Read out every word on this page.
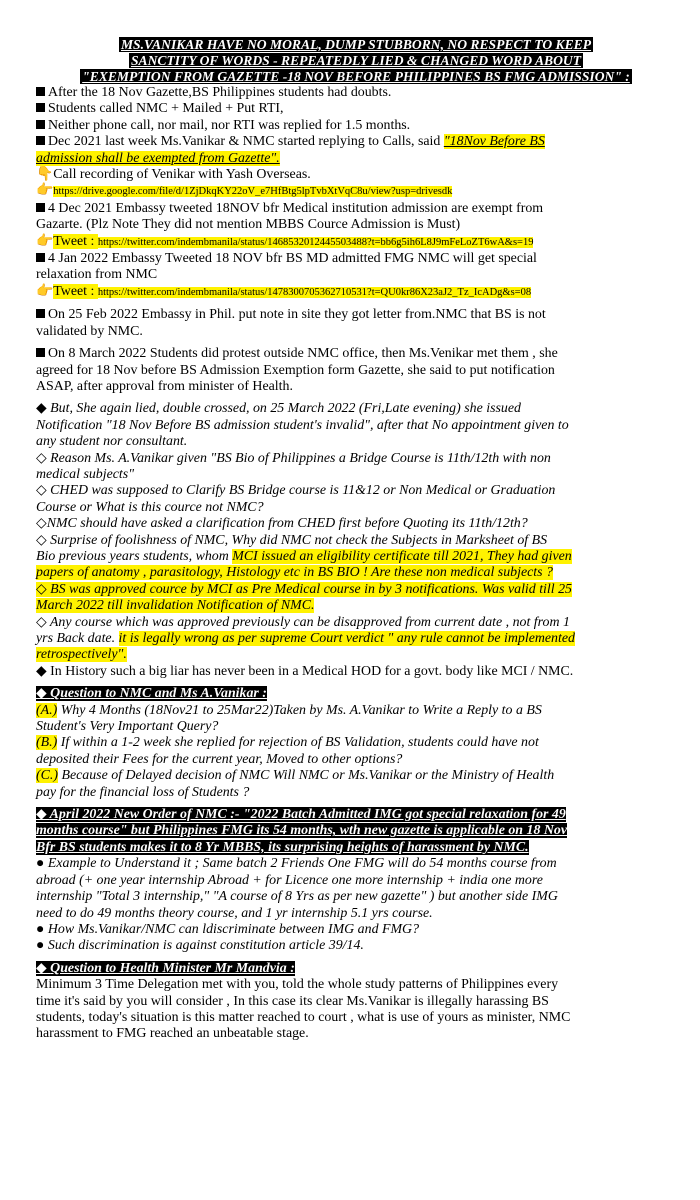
MS.VANIKAR HAVE NO MORAL, DUMP STUBBORN, NO RESPECT TO KEEP
SANCTITY OF WORDS - REPEATEDLY LIED & CHANGED WORD ABOUT
"EXEMPTION FROM GAZETTE -18 NOV BEFORE PHILIPPINES BS FMG ADMISSION" :

After the 18 Nov Gazette,BS Philippines students had doubts.

Students called NMC + Mailed + Put RTI,

Neither phone call, nor mail, nor RTI was replied for 1.5 months.

Dec 2021 last week Ms.Vanikar & NMC started replying to Calls, said "18Nov Before BS

admission shall be exempted from Gazette".

👇Call recording of Venikar with Yash Overseas.

👉https://drive.google.com/file/d/1ZjDkqKY22oV_e7HfBtg5lpTvbXtVqC8u/view?usp=drivesdk

4 Dec 2021 Embassy tweeted 18NOV bfr Medical institution admission are exempt from

Gazarte. (Plz Note They did not mention MBBS Cource Admission is Must)

👉Tweet : https://twitter.com/indembmanila/status/1468532012445503488?t=bb6g5ih6L8J9mFeLoZT6wA&s=19

4 Jan 2022 Embassy Tweeted 18 NOV bfr BS MD admitted FMG NMC will get special

relaxation from NMC

👉Tweet : https://twitter.com/indembmanila/status/1478300705362710531?t=QU0kr86X23aJ2_Tz_IcADg&s=08

On 25 Feb 2022 Embassy in Phil. put note in site they got letter from.NMC that BS is not

validated by NMC.

On 8 March 2022 Students did protest outside NMC office, then Ms.Venikar met them , she

agreed for 18 Nov before BS Admission Exemption form Gazette, she said to put notification

ASAP, after approval from minister of Health.

◆ But, She again lied, double crossed, on 25 March 2022 (Fri,Late evening) she issued

Notification "18 Nov Before BS admission student's invalid", after that No appointment given to

any student nor consultant.

◇ Reason Ms. A.Vanikar given "BS Bio of Philippines a Bridge Course is 11th/12th with non

medical subjects"

◇ CHED was supposed to Clarify BS Bridge course is 11&12 or Non Medical or Graduation

Course or What is this cource not NMC?

◇NMC should have asked a clarification from CHED first before Quoting its 11th/12th?

◇ Surprise of foolishness of NMC, Why did NMC not check the Subjects in Marksheet of BS

Bio previous years students, whom MCI issued an eligibility certificate till 2021, They had given

papers of anatomy , parasitology, Histology etc in BS BIO ! Are these non medical subjects ?

◇ BS was approved cource by MCI as Pre Medical course in by 3 notifications. Was valid till 25

March 2022 till invalidation Notification of NMC.

◇ Any course which was approved previously can be disapproved from current date , not from 1

yrs Back date. it is legally wrong as per supreme Court verdict " any rule cannot be implemented

retrospectively".

◆ In History such a big liar has never been in a Medical HOD for a govt. body like MCI / NMC.

◆ Question to NMC and Ms A.Vanikar :

(A.) Why 4 Months (18Nov21 to 25Mar22)Taken by Ms. A.Vanikar to Write a Reply to a BS

Student's Very Important Query?

(B.) If within a 1-2 week she replied for rejection of BS Validation, students could have not

deposited their Fees for the current year, Moved to other options?

(C.) Because of Delayed decision of NMC Will NMC or Ms.Vanikar or the Ministry of Health

pay for the financial loss of Students ?

◆ April 2022 New Order of NMC :- "2022 Batch Admitted IMG got special relaxation for 49

months course" but Philippines FMG its 54 months, wth new gazette is applicable on 18 Nov

Bfr BS students makes it to 8 Yr MBBS, its surprising heights of harassment by NMC.

● Example to Understand it ; Same batch 2 Friends One FMG will do 54 months course from

abroad (+ one year internship Abroad + for Licence one more internship + india one more

internship "Total 3 internship," "A course of 8 Yrs as per new gazette" ) but another side IMG

need to do 49 months theory course, and 1 yr internship 5.1 yrs course.

● How Ms.Vanikar/NMC can ldiscriminate between IMG and FMG?

● Such discrimination is against constitution article 39/14.

◆ Question to Health Minister Mr Mandvia :

Minimum 3 Time Delegation met with you, told the whole study patterns of Philippines every

time it's said by you will consider , In this case its clear Ms.Vanikar is illegally harassing BS

students, today's situation is this matter reached to court , what is use of yours as minister, NMC

harassment to FMG reached an unbeatable stage.
